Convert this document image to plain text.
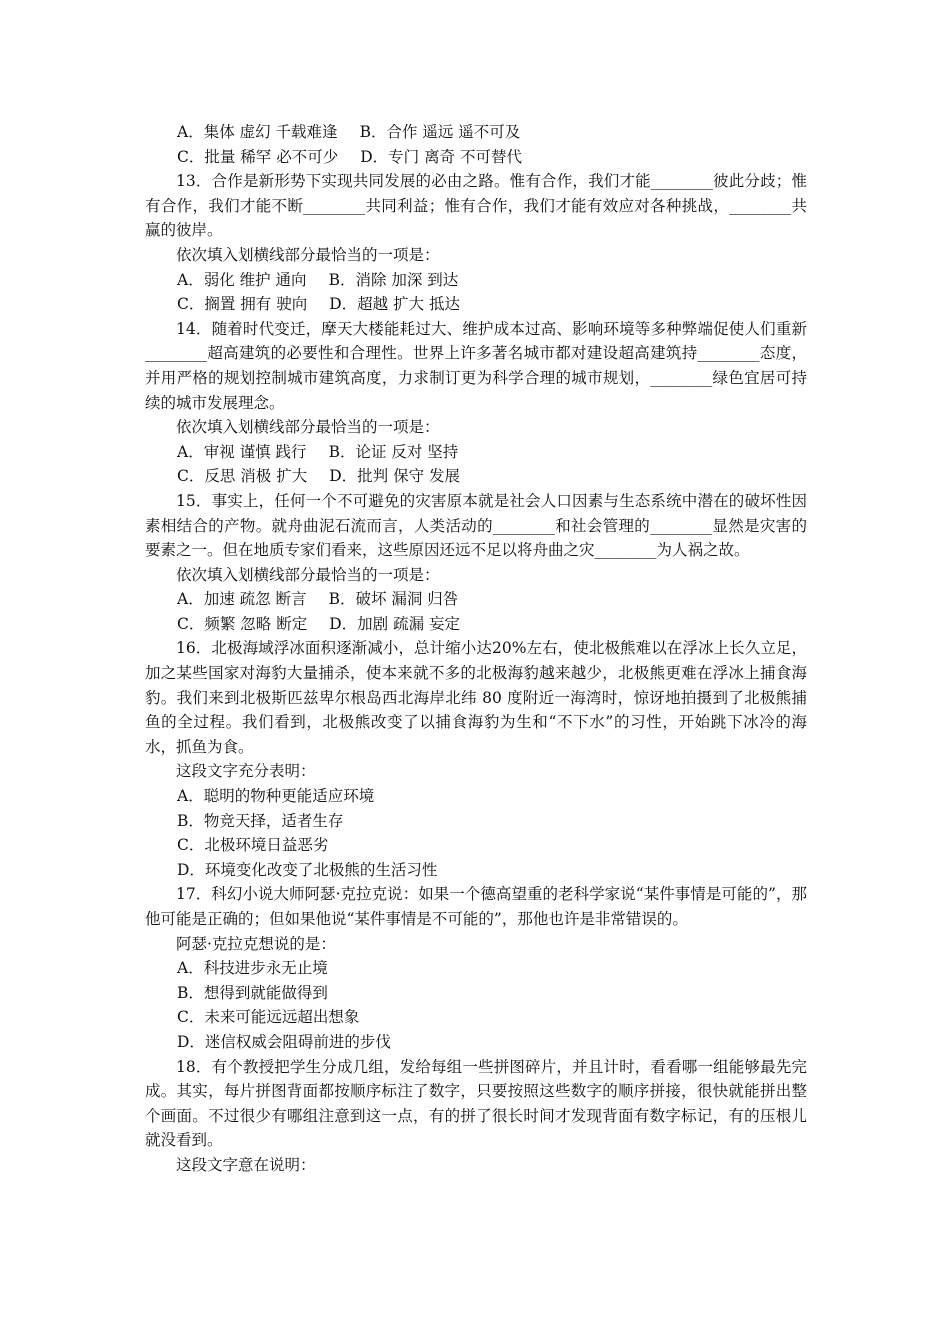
A．集体 虚幻 千载难逢 B．合作 遥远 遥不可及
C．批量 稀罕 必不可少 D．专门 离奇 不可替代

13．合作是新形势下实现共同发展的必由之路。惟有合作，我们才能________彼此分歧；惟有合作，我们才能不断________共同利益；惟有合作，我们才能有效应对各种挑战，________共赢的彼岸。

依次填入划横线部分最恰当的一项是：

A．弱化 维护 通向 B．消除 加深 到达
C．搁置 拥有 驶向 D．超越 扩大 抵达

14．随着时代变迁，摩天大楼能耗过大、维护成本过高、影响环境等多种弊端促使人们重新________超高建筑的必要性和合理性。世界上许多著名城市都对建设超高建筑持________态度，并用严格的规划控制城市建筑高度，力求制订更为科学合理的城市规划，________绿色宜居可持续的城市发展理念。

依次填入划横线部分最恰当的一项是：

A．审视 谨慎 践行 B．论证 反对 坚持
C．反思 消极 扩大 D．批判 保守 发展

15．事实上，任何一个不可避免的灾害原本就是社会人口因素与生态系统中潜在的破坏性因素相结合的产物。就舟曲泥石流而言，人类活动的________和社会管理的________显然是灾害的要素之一。但在地质专家们看来，这些原因还远不足以将舟曲之灾________为人祸之故。

依次填入划横线部分最恰当的一项是：

A．加速 疏忽 断言 B．破坏 漏洞 归咎
C．频繁 忽略 断定 D．加剧 疏漏 妄定

16．北极海域浮冰面积逐渐减小，总计缩小达20%左右，使北极熊难以在浮冰上长久立足，加之某些国家对海豹大量捕杀，使本来就不多的北极海豹越来越少，北极熊更难在浮冰上捕食海豹。我们来到北极斯匹兹卑尔根岛西北海岸北纬 80 度附近一海湾时，惊讶地拍摄到了北极熊捕鱼的全过程。我们看到，北极熊改变了以捕食海豹为生和“不下水”的习性，开始跳下冰冷的海水，抓鱼为食。

这段文字充分表明：

A．聪明的物种更能适应环境

B．物竞天择，适者生存

C．北极环境日益恶劣

D．环境变化改变了北极熊的生活习性

17．科幻小说大师阿瑟·克拉克说：如果一个德高望重的老科学家说“某件事情是可能的”，那他可能是正确的；但如果他说“某件事情是不可能的”，那他也许是非常错误的。

阿瑟·克拉克想说的是：

A．科技进步永无止境

B．想得到就能做得到

C．未来可能远远超出想象

D．迷信权威会阻碍前进的步伐

18．有个教授把学生分成几组，发给每组一些拼图碎片，并且计时，看看哪一组能够最先完成。其实，每片拼图背面都按顺序标注了数字，只要按照这些数字的顺序拼接，很快就能拼出整个画面。不过很少有哪组注意到这一点，有的拼了很长时间才发现背面有数字标记，有的压根儿就没看到。

这段文字意在说明：
